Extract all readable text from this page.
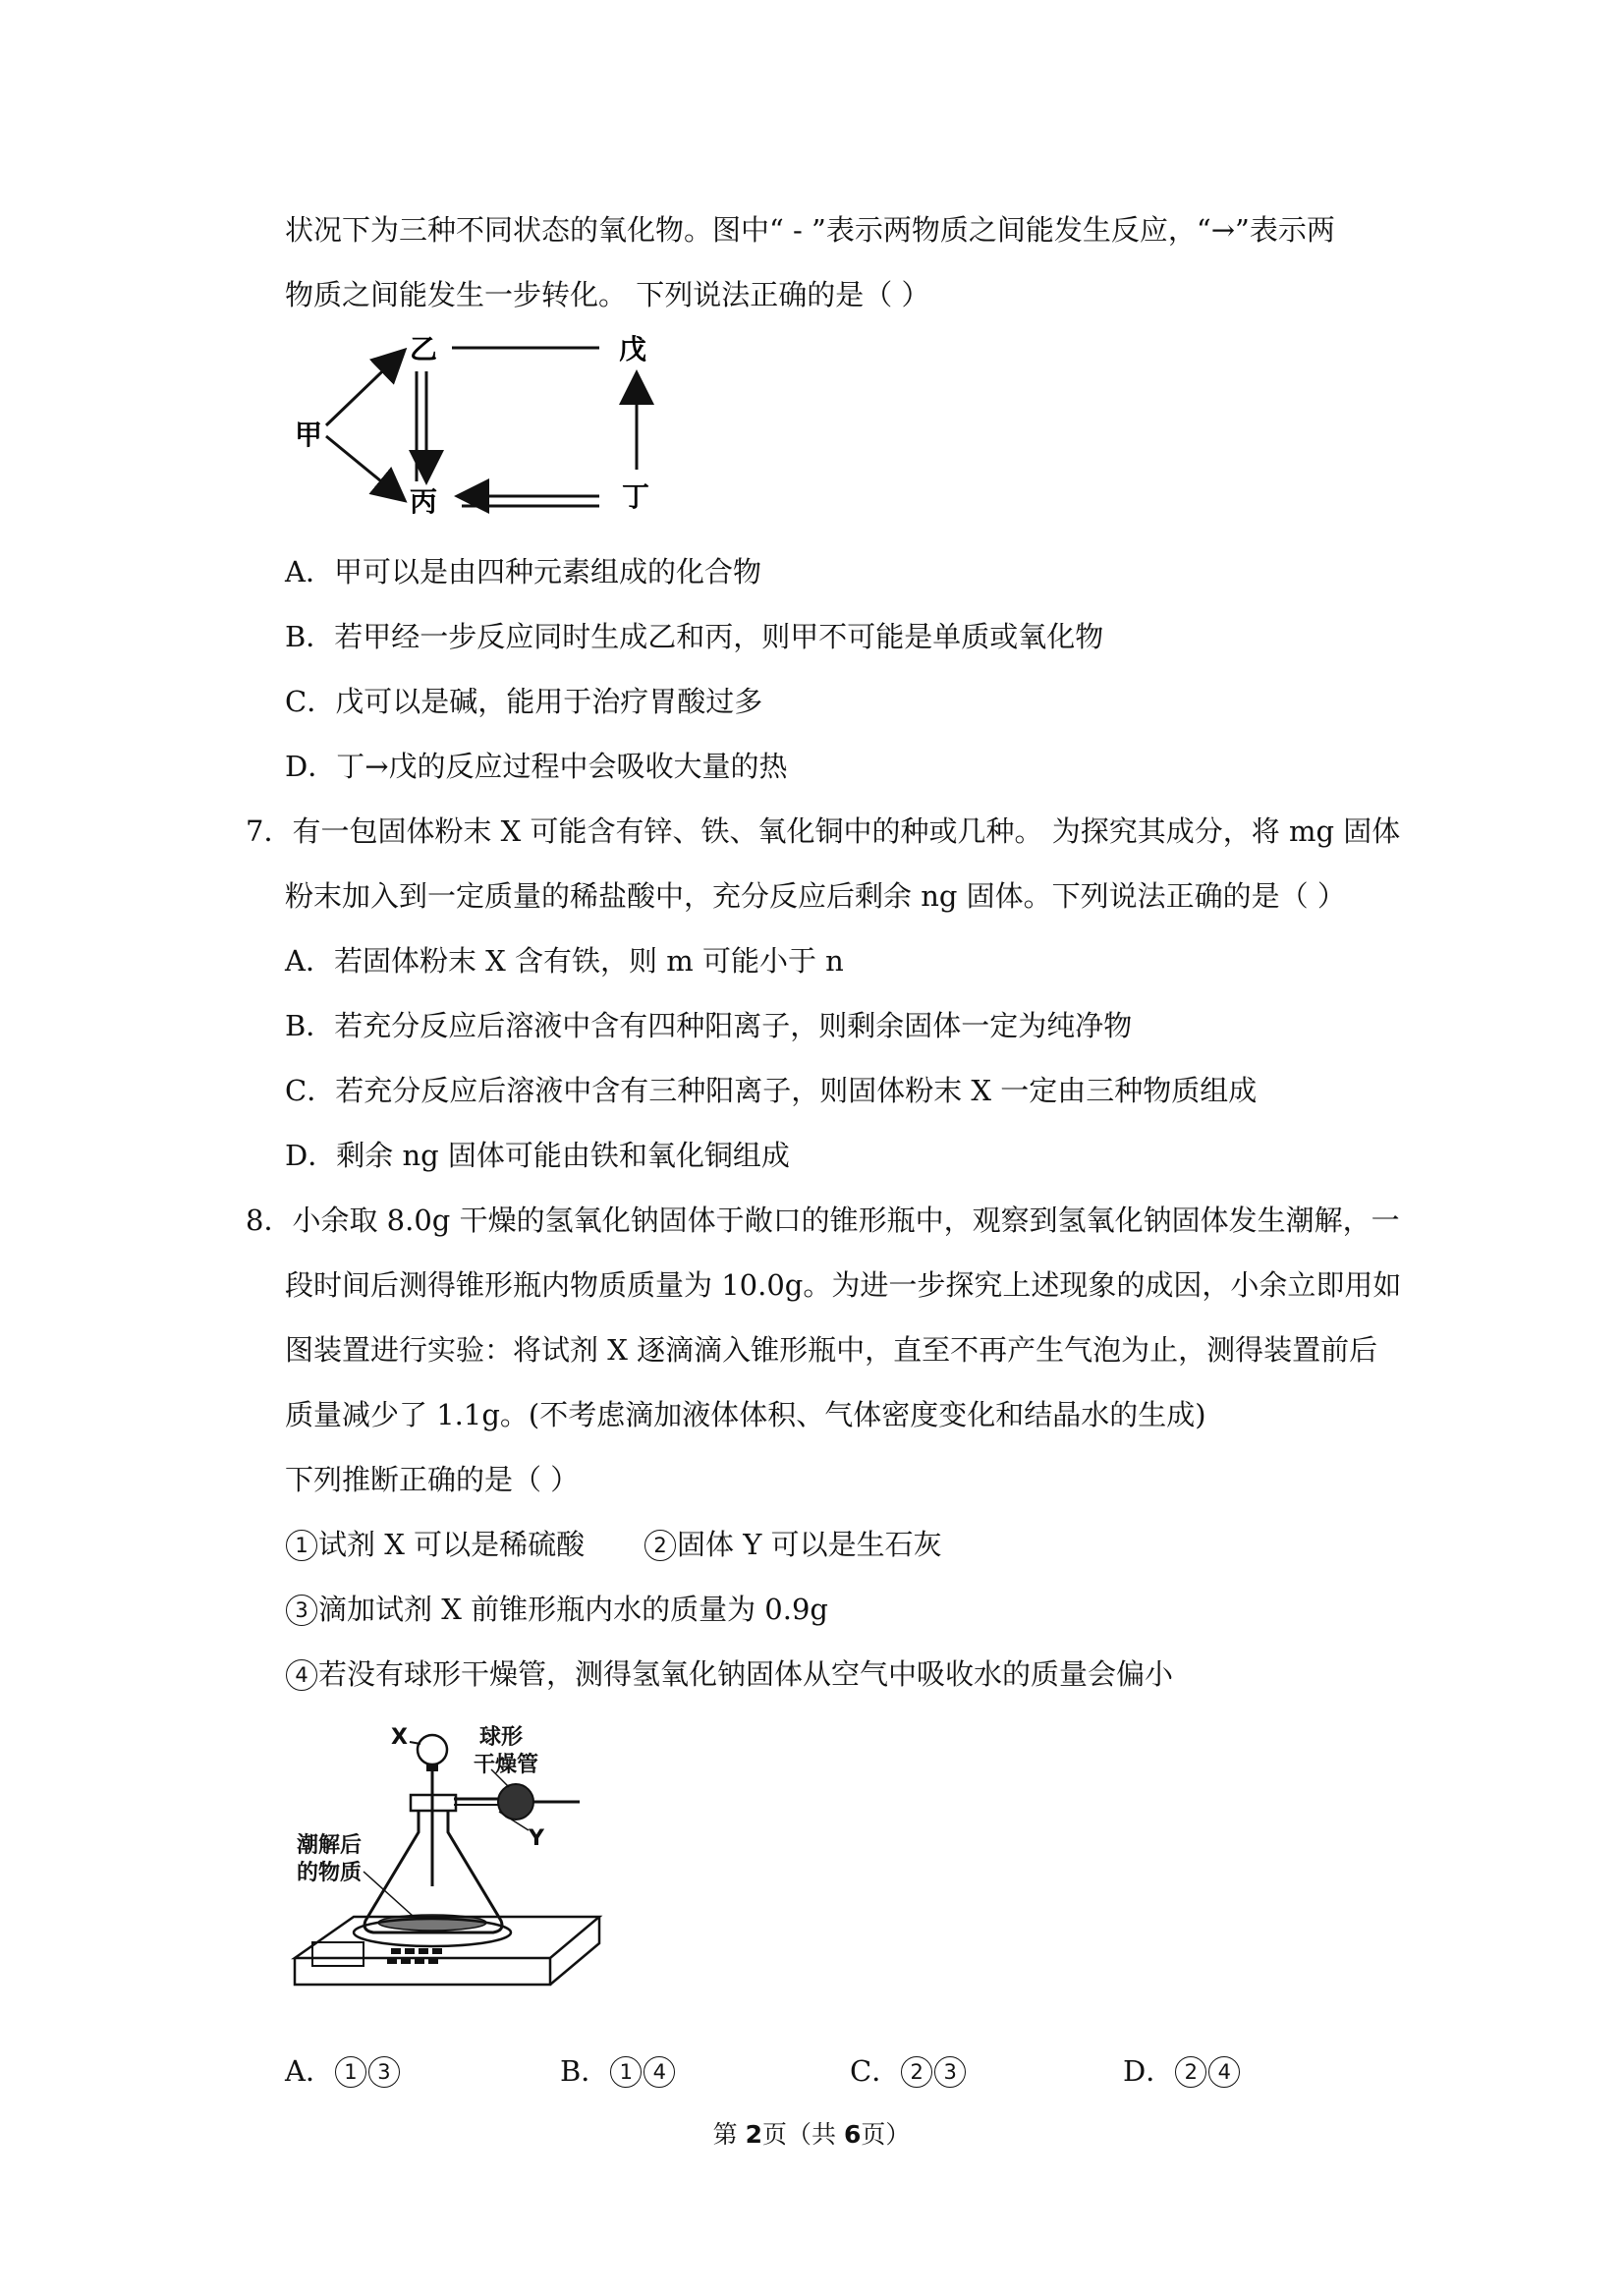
状况下为三种不同状态的氧化物。图中“ - ”表示两物质之间能发生反应，“→”表示两
物质之间能发生一步转化。 下列说法正确的是（ ）
甲
乙	戊
丙	丁
A．甲可以是由四种元素组成的化合物
B．若甲经一步反应同时生成乙和丙，则甲不可能是单质或氧化物
C．戊可以是碱，能用于治疗胃酸过多
D．丁→戊的反应过程中会吸收大量的热
7．有一包固体粉末 X 可能含有锌、铁、氧化铜中的种或几种。 为探究其成分，将 mg 固体
粉末加入到一定质量的稀盐酸中，充分反应后剩余 ng 固体。下列说法正确的是（ ）
A．若固体粉末 X 含有铁，则 m 可能小于 n
B．若充分反应后溶液中含有四种阳离子，则剩余固体一定为纯净物
C．若充分反应后溶液中含有三种阳离子，则固体粉末 X 一定由三种物质组成
D．剩余 ng 固体可能由铁和氧化铜组成
8．小余取 8.0g 干燥的氢氧化钠固体于敞口的锥形瓶中，观察到氢氧化钠固体发生潮解，一
段时间后测得锥形瓶内物质质量为 10.0g。为进一步探究上述现象的成因，小余立即用如
图装置进行实验：将试剂 X 逐滴滴入锥形瓶中，直至不再产生气泡为止，测得装置前后
质量减少了 1.1g。(不考虑滴加液体体积、气体密度变化和结晶水的生成)
下列推断正确的是（ ）
1 试剂 X 可以是稀硫酸	2 固体 Y 可以是生石灰
3 滴加试剂 X 前锥形瓶内水的质量为 0.9g
4 若没有球形干燥管，测得氢氧化钠固体从空气中吸收水的质量会偏小
X	球形
干燥管
Y
潮解后
的物质
A． 1 3	B． 1 4	C． 2 3	D． 2 4
第 2页（共 6页）
